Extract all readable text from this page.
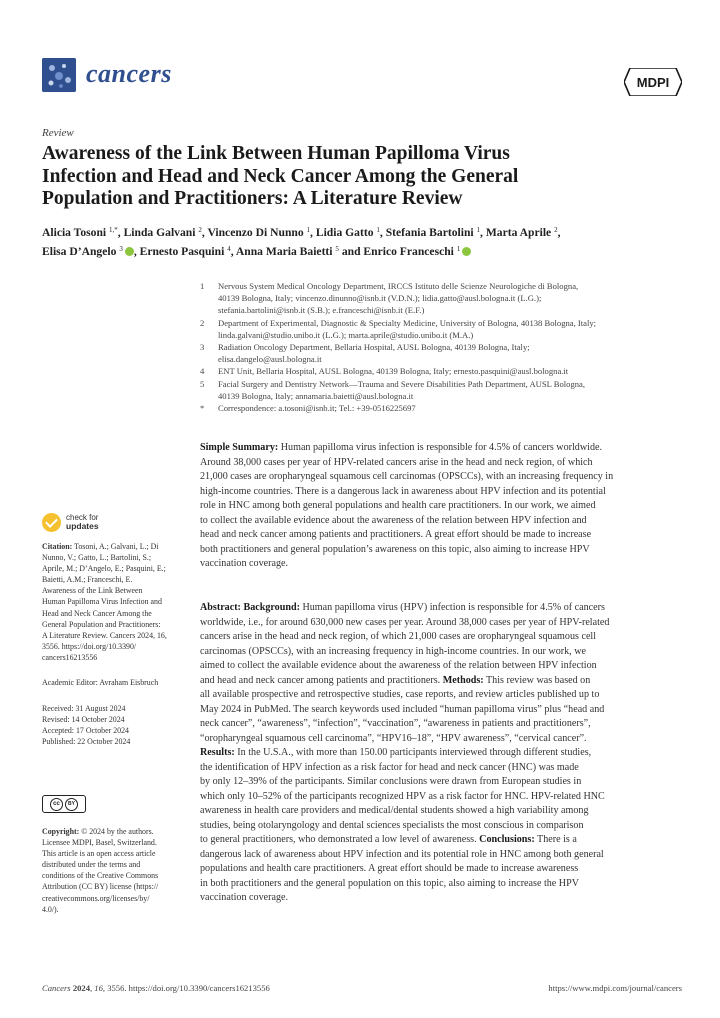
cancers	MDPI
Review
Awareness of the Link Between Human Papilloma Virus
Infection and Head and Neck Cancer Among the General
Population and Practitioners: A Literature Review
Alicia Tosoni $^{1,*}$, Linda Galvani $^2$, Vincenzo Di Nunno $^1$, Lidia Gatto $^1$, Stefania Bartolini $^1$, Marta Aprile $^2$,
Elisa D’Angelo $^3$ , Ernesto Pasquini $^4$, Anna Maria Baietti $^5$ and Enrico Franceschi $^1$
1 Nervous System Medical Oncology Department, IRCCS Istituto delle Scienze Neurologiche di Bologna,
40139 Bologna, Italy; vincenzo.dinunno@isnb.it (V.D.N.); lidia.gatto@ausl.bologna.it (L.G.);
stefania.bartolini@isnb.it (S.B.); e.franceschi@isnb.it (E.F.)
2 Department of Experimental, Diagnostic & Specialty Medicine, University of Bologna, 40138 Bologna, Italy;
linda.galvani@studio.unibo.it (L.G.); marta.aprile@studio.unibo.it (M.A.)
3 Radiation Oncology Department, Bellaria Hospital, AUSL Bologna, 40139 Bologna, Italy;
elisa.dangelo@ausl.bologna.it
4 ENT Unit, Bellaria Hospital, AUSL Bologna, 40139 Bologna, Italy; ernesto.pasquini@ausl.bologna.it
5 Facial Surgery and Dentistry Network—Trauma and Severe Disabilities Path Department, AUSL Bologna,
40139 Bologna, Italy; annamaria.baietti@ausl.bologna.it
* Correspondence: a.tosoni@isnb.it; Tel.: +39-0516225697
check for
updates
Citation: Tosoni, A.; Galvani, L.; Di
Nunno, V.; Gatto, L.; Bartolini, S.;
Aprile, M.; D’Angelo, E.; Pasquini, E.;
Baietti, A.M.; Franceschi, E.
Awareness of the Link Between
Human Papilloma Virus Infection and
Head and Neck Cancer Among the
General Population and Practitioners:
A Literature Review. Cancers 2024, 16,
3556. https://doi.org/10.3390/
cancers16213556
Academic Editor: Avraham Eisbruch
Received: 31 August 2024
Revised: 14 October 2024
Accepted: 17 October 2024
Published: 22 October 2024
cc	BY
Copyright: © 2024 by the authors.
Licensee MDPI, Basel, Switzerland.
This article is an open access article
distributed under the terms and
conditions of the Creative Commons
Attribution (CC BY) license (https://
creativecommons.org/licenses/by/
4.0/).
Simple Summary: Human papilloma virus infection is responsible for 4.5% of cancers worldwide.
Around 38,000 cases per year of HPV-related cancers arise in the head and neck region, of which
21,000 cases are oropharyngeal squamous cell carcinomas (OPSCCs), with an increasing frequency in
high-income countries. There is a dangerous lack in awareness about HPV infection and its potential
role in HNC among both general populations and health care practitioners. In our work, we aimed
to collect the available evidence about the awareness of the relation between HPV infection and
head and neck cancer among patients and practitioners. A great effort should be made to increase
both practitioners and general population’s awareness on this topic, also aiming to increase HPV
vaccination coverage.
Abstract: Background: Human papilloma virus (HPV) infection is responsible for 4.5% of cancers
worldwide, i.e., for around 630,000 new cases per year. Around 38,000 cases per year of HPV-related
cancers arise in the head and neck region, of which 21,000 cases are oropharyngeal squamous cell
carcinomas (OPSCCs), with an increasing frequency in high-income countries. In our work, we
aimed to collect the available evidence about the awareness of the relation between HPV infection
and head and neck cancer among patients and practitioners. Methods: This review was based on
all available prospective and retrospective studies, case reports, and review articles published up to
May 2024 in PubMed. The search keywords used included “human papilloma virus” plus “head and
neck cancer”, “awareness”, “infection”, “vaccination”, “awareness in patients and practitioners”,
“oropharyngeal squamous cell carcinoma”, “HPV16–18”, “HPV awareness”, “cervical cancer”.
Results: In the U.S.A., with more than 150.00 participants interviewed through different studies,
the identification of HPV infection as a risk factor for head and neck cancer (HNC) was made
by only 12–39% of the participants. Similar conclusions were drawn from European studies in
which only 10–52% of the participants recognized HPV as a risk factor for HNC. HPV-related HNC
awareness in health care providers and medical/dental students showed a high variability among
studies, being otolaryngology and dental sciences specialists the most conscious in comparison
to general practitioners, who demonstrated a low level of awareness. Conclusions: There is a
dangerous lack of awareness about HPV infection and its potential role in HNC among both general
populations and health care practitioners. A great effort should be made to increase awareness
in both practitioners and the general population on this topic, also aiming to increase the HPV
vaccination coverage.
Cancers 2024, 16, 3556. https://doi.org/10.3390/cancers16213556	https://www.mdpi.com/journal/cancers
